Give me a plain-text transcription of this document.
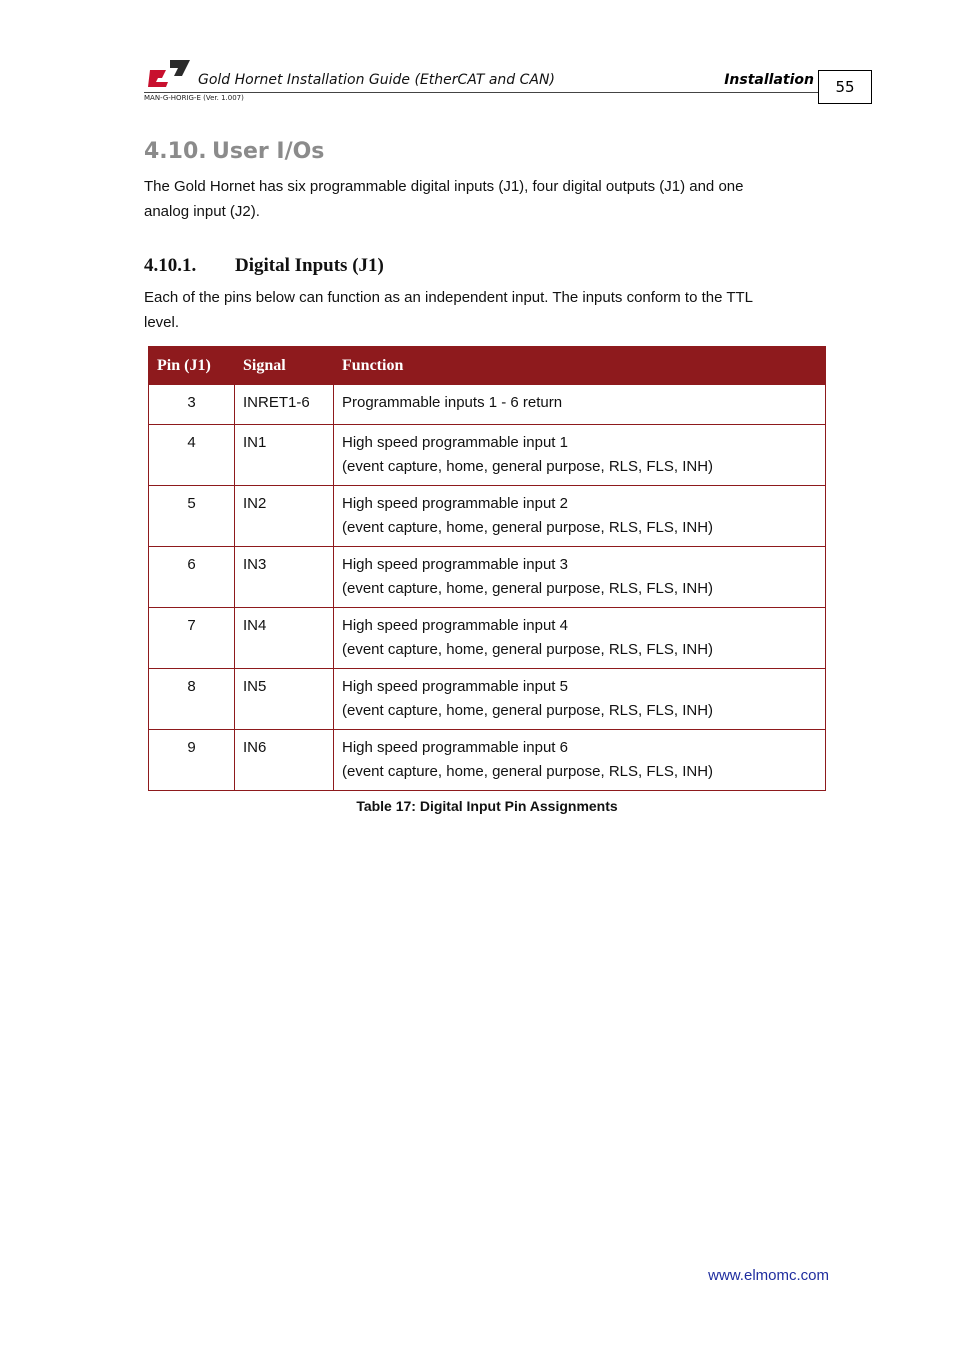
Gold Hornet Installation Guide (EtherCAT and CAN)	Installation
MAN-G-HORIG-E (Ver. 1.007)
55
4.10. User I/Os
The Gold Hornet has six programmable digital inputs (J1), four digital outputs (J1) and one
analog input (J2).
4.10.1. Digital Inputs (J1)
Each of the pins below can function as an independent input. The inputs conform to the TTL
level.
Pin (J1)	Signal	Function
3	INRET1-6	Programmable inputs 1 - 6 return

4	IN1	High speed programmable input 1
(event capture, home, general purpose, RLS, FLS, INH)

5	IN2	High speed programmable input 2
(event capture, home, general purpose, RLS, FLS, INH)

6	IN3	High speed programmable input 3
(event capture, home, general purpose, RLS, FLS, INH)

7	IN4	High speed programmable input 4
(event capture, home, general purpose, RLS, FLS, INH)

8	IN5	High speed programmable input 5
(event capture, home, general purpose, RLS, FLS, INH)

9	IN6	High speed programmable input 6
(event capture, home, general purpose, RLS, FLS, INH)
Table 17: Digital Input Pin Assignments
www.elmomc.com
